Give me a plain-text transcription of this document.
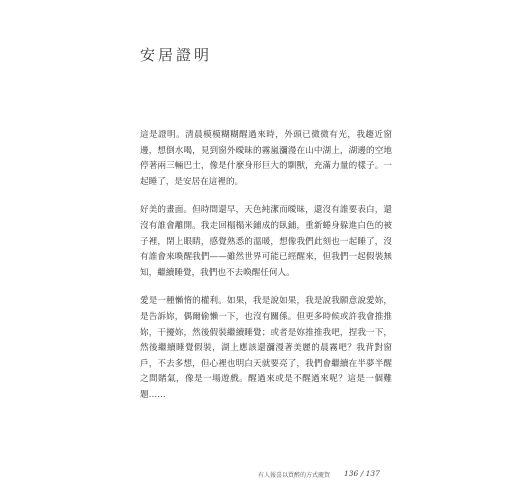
安居證明

這是證明。清晨模模糊糊醒過來時，外頭已微微有光，我趨近窗邊，想倒水喝，見到窗外曖昧的霧嵐瀰漫在山中湖上，湖邊的空地停著兩三輛巴士，像是什麼身形巨大的馴獸，充滿力量的樣子。一起睡了，是安居在這裡的。

好美的畫面。但時間還早，天色純潔而曖昧，還沒有誰要表白，還沒有誰會離開。我走回榻榻米鋪成的臥鋪，重新蜷身躲進白色的被子裡，閉上眼睛，感覺熟悉的溫暖，想像我們此刻也一起睡了，沒有誰會來喚醒我們——雖然世界可能已經醒來，但我們一起假裝無知，繼續睡覺，我們也不去喚醒任何人。

愛是一種懶惰的權利。如果，我是說如果，我是說我願意說愛妳，是告訴妳，偶爾偷懶一下，也沒有關係。但更多時候或許我會推推妳，干擾妳，然後假裝繼續睡覺；或者是妳推推我吧，捏我一下，然後繼續睡覺假裝，湖上應該還瀰漫著美麗的晨霧吧？我背對窗戶，不去多想，但心裡也明白天就要亮了，我們會繼續在半夢半醒之間賭氣，像是一場遊戲。醒過來或是不醒過來呢？這是一個難題……

有人報喜以買醉的方式慶賀 136 / 137
